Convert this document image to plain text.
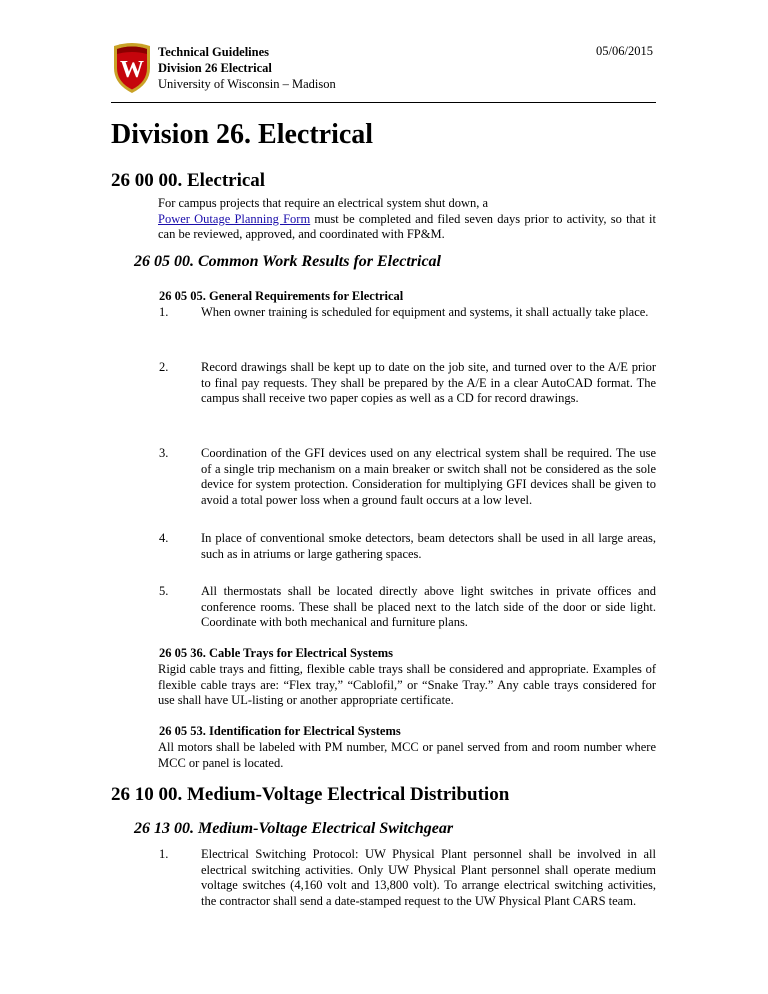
W
Technical Guidelines
Division 26 Electrical
University of Wisconsin – Madison
05/06/2015
Division 26. Electrical
26 00 00. Electrical
For campus projects that require an electrical system shut down, a
Power Outage Planning Form must be completed and filed seven days prior to activity, so that it can be reviewed, approved, and coordinated with FP&M.
26 05 00. Common Work Results for Electrical
26 05 05. General Requirements for Electrical
1.	When owner training is scheduled for equipment and systems, it shall actually take place.
2.	Record drawings shall be kept up to date on the job site, and turned over to the A/E prior to final pay requests. They shall be prepared by the A/E in a clear AutoCAD format. The campus shall receive two paper copies as well as a CD for record drawings.
3.	Coordination of the GFI devices used on any electrical system shall be required. The use of a single trip mechanism on a main breaker or switch shall not be considered as the sole device for system protection. Consideration for multiplying GFI devices shall be given to avoid a total power loss when a ground fault occurs at a low level.
4.	In place of conventional smoke detectors, beam detectors shall be used in all large areas, such as in atriums or large gathering spaces.
5.	All thermostats shall be located directly above light switches in private offices and conference rooms. These shall be placed next to the latch side of the door or side light. Coordinate with both mechanical and furniture plans.
26 05 36. Cable Trays for Electrical Systems
Rigid cable trays and fitting, flexible cable trays shall be considered and appropriate. Examples of flexible cable trays are: “Flex tray,” “Cablofil,” or “Snake Tray.” Any cable trays considered for use shall have UL-listing or another appropriate certificate.
26 05 53. Identification for Electrical Systems
All motors shall be labeled with PM number, MCC or panel served from and room number where MCC or panel is located.
26 10 00. Medium-Voltage Electrical Distribution
26 13 00. Medium-Voltage Electrical Switchgear
1.	Electrical Switching Protocol: UW Physical Plant personnel shall be involved in all electrical switching activities. Only UW Physical Plant personnel shall operate medium voltage switches (4,160 volt and 13,800 volt). To arrange electrical switching activities, the contractor shall send a date-stamped request to the UW Physical Plant CARS team.
